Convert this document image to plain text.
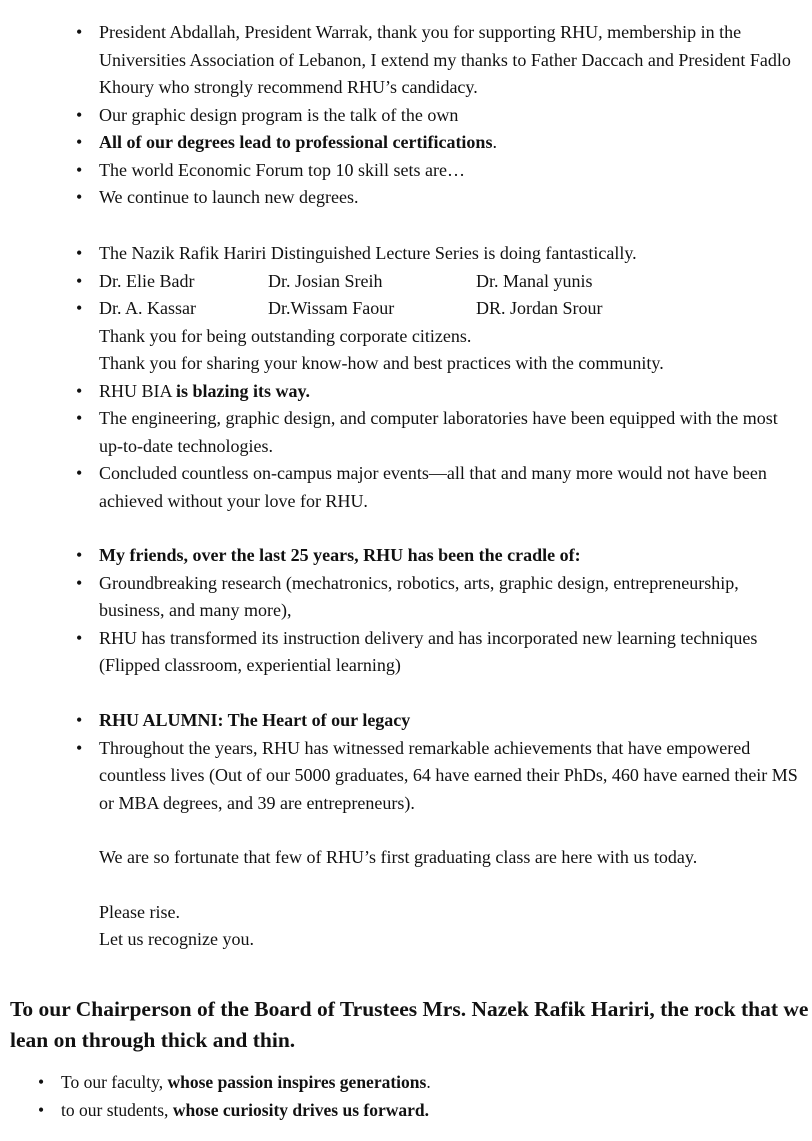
• President Abdallah, President Warrak, thank you for supporting RHU, membership in the Universities Association of Lebanon, I extend my thanks to Father Daccach and President Fadlo Khoury who strongly recommend RHU’s candidacy.
• Our graphic design program is the talk of the own
• All of our degrees lead to professional certifications.
• The world Economic Forum top 10 skill sets are…
• We continue to launch new degrees.
• The Nazik Rafik Hariri Distinguished Lecture Series is doing fantastically.
• Dr. Elie Badr	Dr. Josian Sreih	Dr. Manal yunis
• Dr. A. Kassar	Dr.Wissam Faour	DR. Jordan Srour
Thank you for being outstanding corporate citizens.
Thank you for sharing your know-how and best practices with the community.
• RHU BIA is blazing its way.
• The engineering, graphic design, and computer laboratories have been equipped with the most up-to-date technologies.
• Concluded countless on-campus major events—all that and many more would not have been achieved without your love for RHU.
• My friends, over the last 25 years, RHU has been the cradle of:
• Groundbreaking research (mechatronics, robotics, arts, graphic design, entrepreneurship, business, and many more),
• RHU has transformed its instruction delivery and has incorporated new learning techniques (Flipped classroom, experiential learning)
• RHU ALUMNI: The Heart of our legacy
• Throughout the years, RHU has witnessed remarkable achievements that have empowered countless lives (Out of our 5000 graduates, 64 have earned their PhDs, 460 have earned their MS or MBA degrees, and 39 are entrepreneurs).
We are so fortunate that few of RHU’s first graduating class are here with us today.
Please rise.
Let us recognize you.
To our Chairperson of the Board of Trustees Mrs. Nazek Rafik Hariri, the rock that we lean on through thick and thin.
• To our faculty, whose passion inspires generations.
• to our students, whose curiosity drives us forward.
